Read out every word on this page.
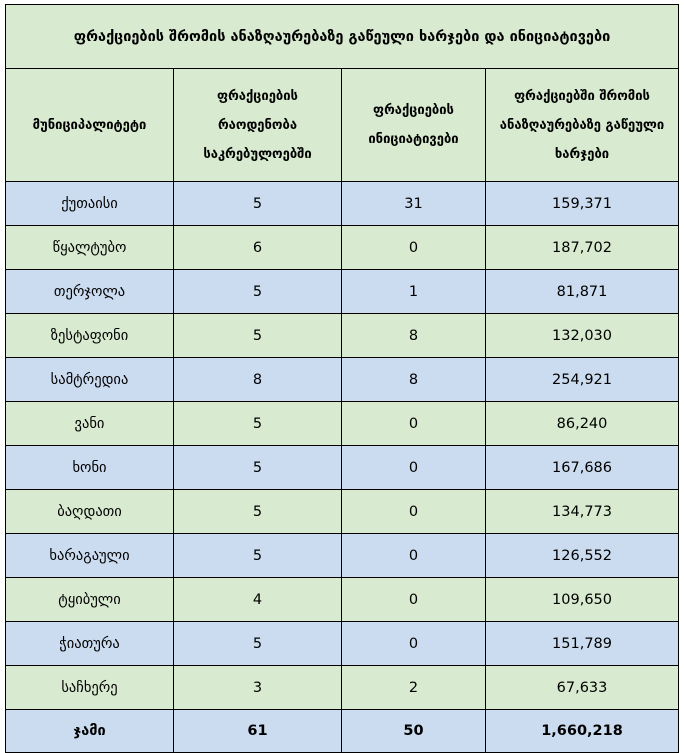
ფრაქციების შრომის ანაზღაურებაზე გაწეული ხარჯები და ინიციატივები			
მუნიციპალიტეტი	ფრაქციების რაოდენობა საკრებულოებში	ფრაქციების ინიციატივები	ფრაქციებში შრომის ანაზღაურებაზე გაწეული ხარჯები
ქუთაისი	5	31	159,371
წყალტუბო	6	0	187,702
თერჯოლა	5	1	81,871
ზესტაფონი	5	8	132,030
სამტრედია	8	8	254,921
ვანი	5	0	86,240
ხონი	5	0	167,686
ბაღდათი	5	0	134,773
ხარაგაული	5	0	126,552
ტყიბული	4	0	109,650
ჭიათურა	5	0	151,789
საჩხერე	3	2	67,633
ჯამი	61	50	1,660,218
